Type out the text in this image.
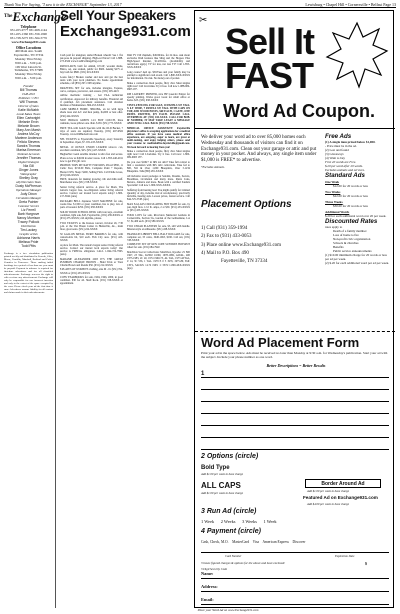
Thank You For Saying, "I saw it in the EXCHANGE" September 13, 2017	Lewisburg • Chapel Hill • Cornersville • Belfast Page 13
$^{The}$Exchange
Telephone
931-455-9777 931-968-1144
931-455-1360 931-359-1990
931-728-3275 931-364-5776
www.Exchange931.com
Office Locations
400 Main Ave. South
Fayetteville, TN 37334
Monday Thru Friday
8:00 a.m. - 5:00 p.m.
109 West Lincoln St.
Tullahoma, TN 37388
Monday Thru Friday
8:00 a.m. - 5:00 p.m.
Founder
Bill Thomas
1948-2010
Publisher / CEO
Will Thomas
Director of Sales
Katie McNabb
Local Sales Team
Ellen Cartwright
Melanie Ervin
Melanie Brown
Mary Ann Marsh
Andrea McCoy
Marlene Anderson
Felicia Stevens
Sandra Thomas
Marisa Emerson
National Accounts
Jennifer Thomas
Digital Strategist
Nia Gill
Ginger Jones
Videographer
Shelley Gray
ally/bbm Sales Team
Dusty McPherson
Operations Manager
Judy Dixon
Circulation Manager
Greta Painter
Customer Service
Liz Ferrell
Barb Hargrove
Nancy Morrison
Tracey Pollock
Distribution
Tim Lackey
Graphic artists
Adrianna Harris
Melissa Pride
Todd Pitts
Exchange is a free circulation publication printed weekly and distributed in Lincoln, Giles, Moore, Franklin, Marshall, Bedford and Coffee Counties in Tennessee. Those making initial bookings for a period of less than one year must be prepaid. Payment in advance is required for first-time advertisers and for all classified advertisements. Exchange reserves the right to edit or refuse any advertisement. Exchange will only be responsible for one incorrect insertion and only to the extent of the space occupied by the error. Please check your ad the first time it runs. Advertisers assume liability for all content and claims made in their advertisements.
Sell Your Speakers
Exchange931.com

Cash paid for unsigned, unded Broken wheels! See 1 flat pur-pose & prepaid shipping. High-est Prices! Call 1-888-273-0326 www.CashForImageEng.com

PATIO/LAWN, built for Amish, 10'x10', wooden shade, Bistro, set, one stained, public for $600. Asking $275 or buy both for $800. (931) 619-XXXX

Looks fancy! Broken washer and new and got the best deals with your local plumbers. No hassle appointment schedule, call (855) 297-1508 anytime.

DRAFTING SET for sale, includes triangles, Tsquare, curve, compass, protractor, and erasers. (931) 205-4415

Airline mechanic training - Get FAA technician certification. Approved for military benefits. Financial aid if qualified. Job placement assistance. Call Aviation Institute of Maintenance. 866-453-XXXX

14x80 MOBILE HOME, 3BR/2BA, on lot with large shade trees and A/C and heat pump, $4,000 or best offer. (256) 424-XXXX

NICE BRIGGS GREEN 14.5 BOY COUCH, three cushions, loose pillows one chair. $150. (931) 775-XXXX

FREE TEA with Lunch Specials with the OLD Bucket, 7 days of seats are required. Tuesday, (931) 467-9502 Tuesday. www.OldBucketCafe.com

NFL TICKETS to Fayetteville Speedway, every Saturday in September. Open, $7. 931-433-XXXX

METAL 10 OUNCE UNION LEADER tobacco can, excellent condition, $25. (931) 427-XXXX

HughesNet: Gen4 satellite internet is ultra fast and secure. Plans as low as $49.99 in select areas. Call 1-855-440-4911 now to get $50 gift card.

PROBOX TOPS MT RATTT FOR KIDS, Priced $850, 11 Cubic Feet, $150.00 Bids, Complete Paint + Repairs, Hosted 1976, Sleep: $200, Selling Firm. Call Eddie Gross, (931) 626-XXXX

FREE, materials for making growing crib and milk stuff. Manchester area. (931) 728-XXXX

Senior living referral service. A place for Mom. The nation's largest free, no-obligation senior living referral service. Contact our trusted local experts today! 1-800-217-3942 (auto)

PACKARD BELL Japanese SLOT MACHINE for sale, works fine. $1,500 or great condition, has to play, lots of parts all around. $250. (931) 638-XXXX

SOLID WOOD SCHOOL DESK with iron legs, excellent condition, light oak, $45, Fayetteville, (931) 438-XXXX or (931) 475-XXXX; call anytime, please.

TWO TICKETS to the Kansas concert, October 26, 7:30 p.m. at the Von Braun Center in Huntsville, AL., main floor, great seats. (931) 224-XXXX

50 GALLON METAL BURN BARRELS for sale, with custom-able lid, $10 each. Fish City area. (931) 425-XXXX

A place for Mom. The nation's largest senior living referral service. Contact our trusted local experts today! Our service is FREE/no obligation. CALL 1-844-722-7993. (auto)

MADAME ALEXANDER 2003 IT'S THE GREAT PUMPKIN CHARLIE BROWN - Hand Trick or Treat Charlie Brown and friends $50. (931) 212-XXXX

8 PLATES OF WOMEN'S clothing, size M - D. (931) 704-XXXX or (931) 433-XXXX

CCHS YEARBOOKS for sale, 1994, 1996, 2000, in good condition. $30 for all. Shell Rock. (931) 728-XXXX or appointment.

Dish TV 190 channels, $49.99/mo. for 24 mos. Ask about exclusive Dish features like Sling and the Hopper. Plus High-Speed Internet, $14.95/mo. (Availability and restrictions apply.) TV for less, not less TV! Call 1-855-XXX-XXXX

Long course? And up. $50/Tues and your family may be entitled to significant cash award. Call 1-800-XXX-XXXX for information. No risk. No money out of pocket.

Make a connection. Real people, flirty chat. Meet singles right now! Call LiveLinks. Try it free. Call now 1-888-909-9905 18+.

RIP LASERJET PRINTER, nice HP LaserJet Printer for speedy printing. Works good. Great for small office or home. $25. (931) 638-XXXX

VINYL FENCING FOR SALE, 10 PANELS 9.8' TALL X 6.5' WIDE, 7 PANELS 9.8' TALL WITH CAPS ON TOP, AND WOOD POSTS, $60 EACH, 1 GATE, ONE PANEL PAINTED, $75 EACH. PLEASE CALL OVERHECK AT: (931) 434-XXXX. CALL FOR BOB. IF NUMBER, IT MAY TAKE LEAST A MESSAGE AND I WILL CALL BACK (931) 728-XXXX

MEDICAL OFFICE ASSISTANT: Fayetteville physician's office is accepting applications for a medical office assistant. If you have some medical office experience, are outgoing, eager to learn, are great at multi-tasking, and enjoy helping others, please send your resume to: medicaloffice.fayetteville@gmail.com. We look forward to hearing from you!

Make a connection. Real people, flirty chat. Meet singles right now! Call LiveLinks. Try it free. Call now: 1-800-909-9905 18+.

Do you owe $10K+ in IRS tax debt? Take full control to find a resolution with IRS debt collections. Take fed to 800, NO & Over 1,000 Blueprints, Over 3-1234 Blueprints. Talk (800) 281-XXXX

All inclusive resort packages at Sandals, Dreams, Secrets, Breathless, Occidental and many more. Punta Cana, Mexico, Jamaica and more. Book with a certified Sandals Specialist! Call now 1-800-XXX-XXXX.

Suffering from hearing loss! You might qualify for Limited Quantity of day, in-home trial of revolutionary, practically invisible, hearing aids. Lowest prices, fastest service. Call 844-725-3538. (ups)

MAX 8-GLASS CIRCULATING HOT BATH for sale, by pan, high flow. 1/12 lb. amps, 2 at $50. (931) 433-XXXX or (931) 433-XXXX

FOUR LOTS for sale, Riverview Memorial Gardens in Cornersville, Section 5A, Garden of the Gethsemane, Lot 57, $1,400 each. (931) 580-XXXX

TWO CEDAR PLANTERS for sale, $5, still with bundle. Mission style on silhouette. (931) 438-XXXX

FRANKLIN LIBERTY BELL HALF DOLLARS for sale, complete set, 35 coins, 1948-1963, $190. Call Art, (931) 728-XXXX

COMPLETE SET OF KEN COPE SUNTREE HOTSPOT wheel for sale. (931) 684-7940

Matchbox Soccer Collections: Matchbox, Kyosho: Z1 800 1967, 23 TAL, KZ002 11060, 1978-1982, ALTAL, 400 1975-1983, 2C 40, 1974 1960-73, AL TAL, 1973 ATTAL, Z 14, 3C 556, 1 TAL. 1979 E 0 5 1976, 1975-80, Full: CSFL, SACKS: 14.72 1965: 1: 3X72 1-800-4XX-XXXX (ups)

✂
Sell It
FAST
Word Ad Coupon.
We deliver your word ad to over 85,000 homes each Wednesday and thousands of visitors can find it on Exchange931.com. Clean out your garage or attic and put money in your pocket. And always, any single item under $1,000 is FREE* to advertise.
*Excludes Animals.
Placement Options
1) Call (931) 359-1994
2) Fax to (931) 433-0053
3) Place online www.Exchange931.com
4) Mail to P.O. Box 490
Fayetteville, TN 37334
Free Ads
(1) A single item priced below $1,000.
- Price must be in the ad.
(2) Lost and found
(3) Giveaways
(4) Want to buy
First 20 words are Free.
$.20 per word after 20 words.
Excludes animals and services.
Standard Ads
One Week
$12.00 for 20 words or less
Two Weeks
$22.00 for 20 words or less
Three Weeks
$30.00 for 20 words or less
Additional Words
$.20 for each additional word over 20 per week.
Discounted Rates
rates apply to
Death of a family member
Loss of home to fire
Non-profit civic organization
Schools & churches
Benefits
Public service announcements
(1) $10.00 minimum charge for 20 words or less per ad per week.
(2) $.20 for each additional word per ad per week.
Word Ad Placement Form
Print your ad in the space below. Ads must be received no later than Monday at 9:30 a.m. for Wednesday's publication. Start your ad with the subject. Include your phone number as one word.
Better Descriptions = Better Results
1
2 Options (circle)
Bold Type
Add $1.00 per week to base charge
ALL CAPS
Add $1.00 per week to base charge
Border Around Ad
Add $1.00 per week to base charge
Featured Ad on Exchange931.com
Add $4.00 per week to base charge
3 Run Ad (circle)
1 Week 2 Weeks 3 Weeks 1 Week
4 Payment (circle)
Cash, Check, M.O. MasterCard Visa American Express Discover
Card Number	Expiration Date
3 boxes figured charges & options for the above and have enclosed:	$
Name:
Address:
Email:
3 Digit Security Code
Place your Word Ad on www.Exchange931.com
